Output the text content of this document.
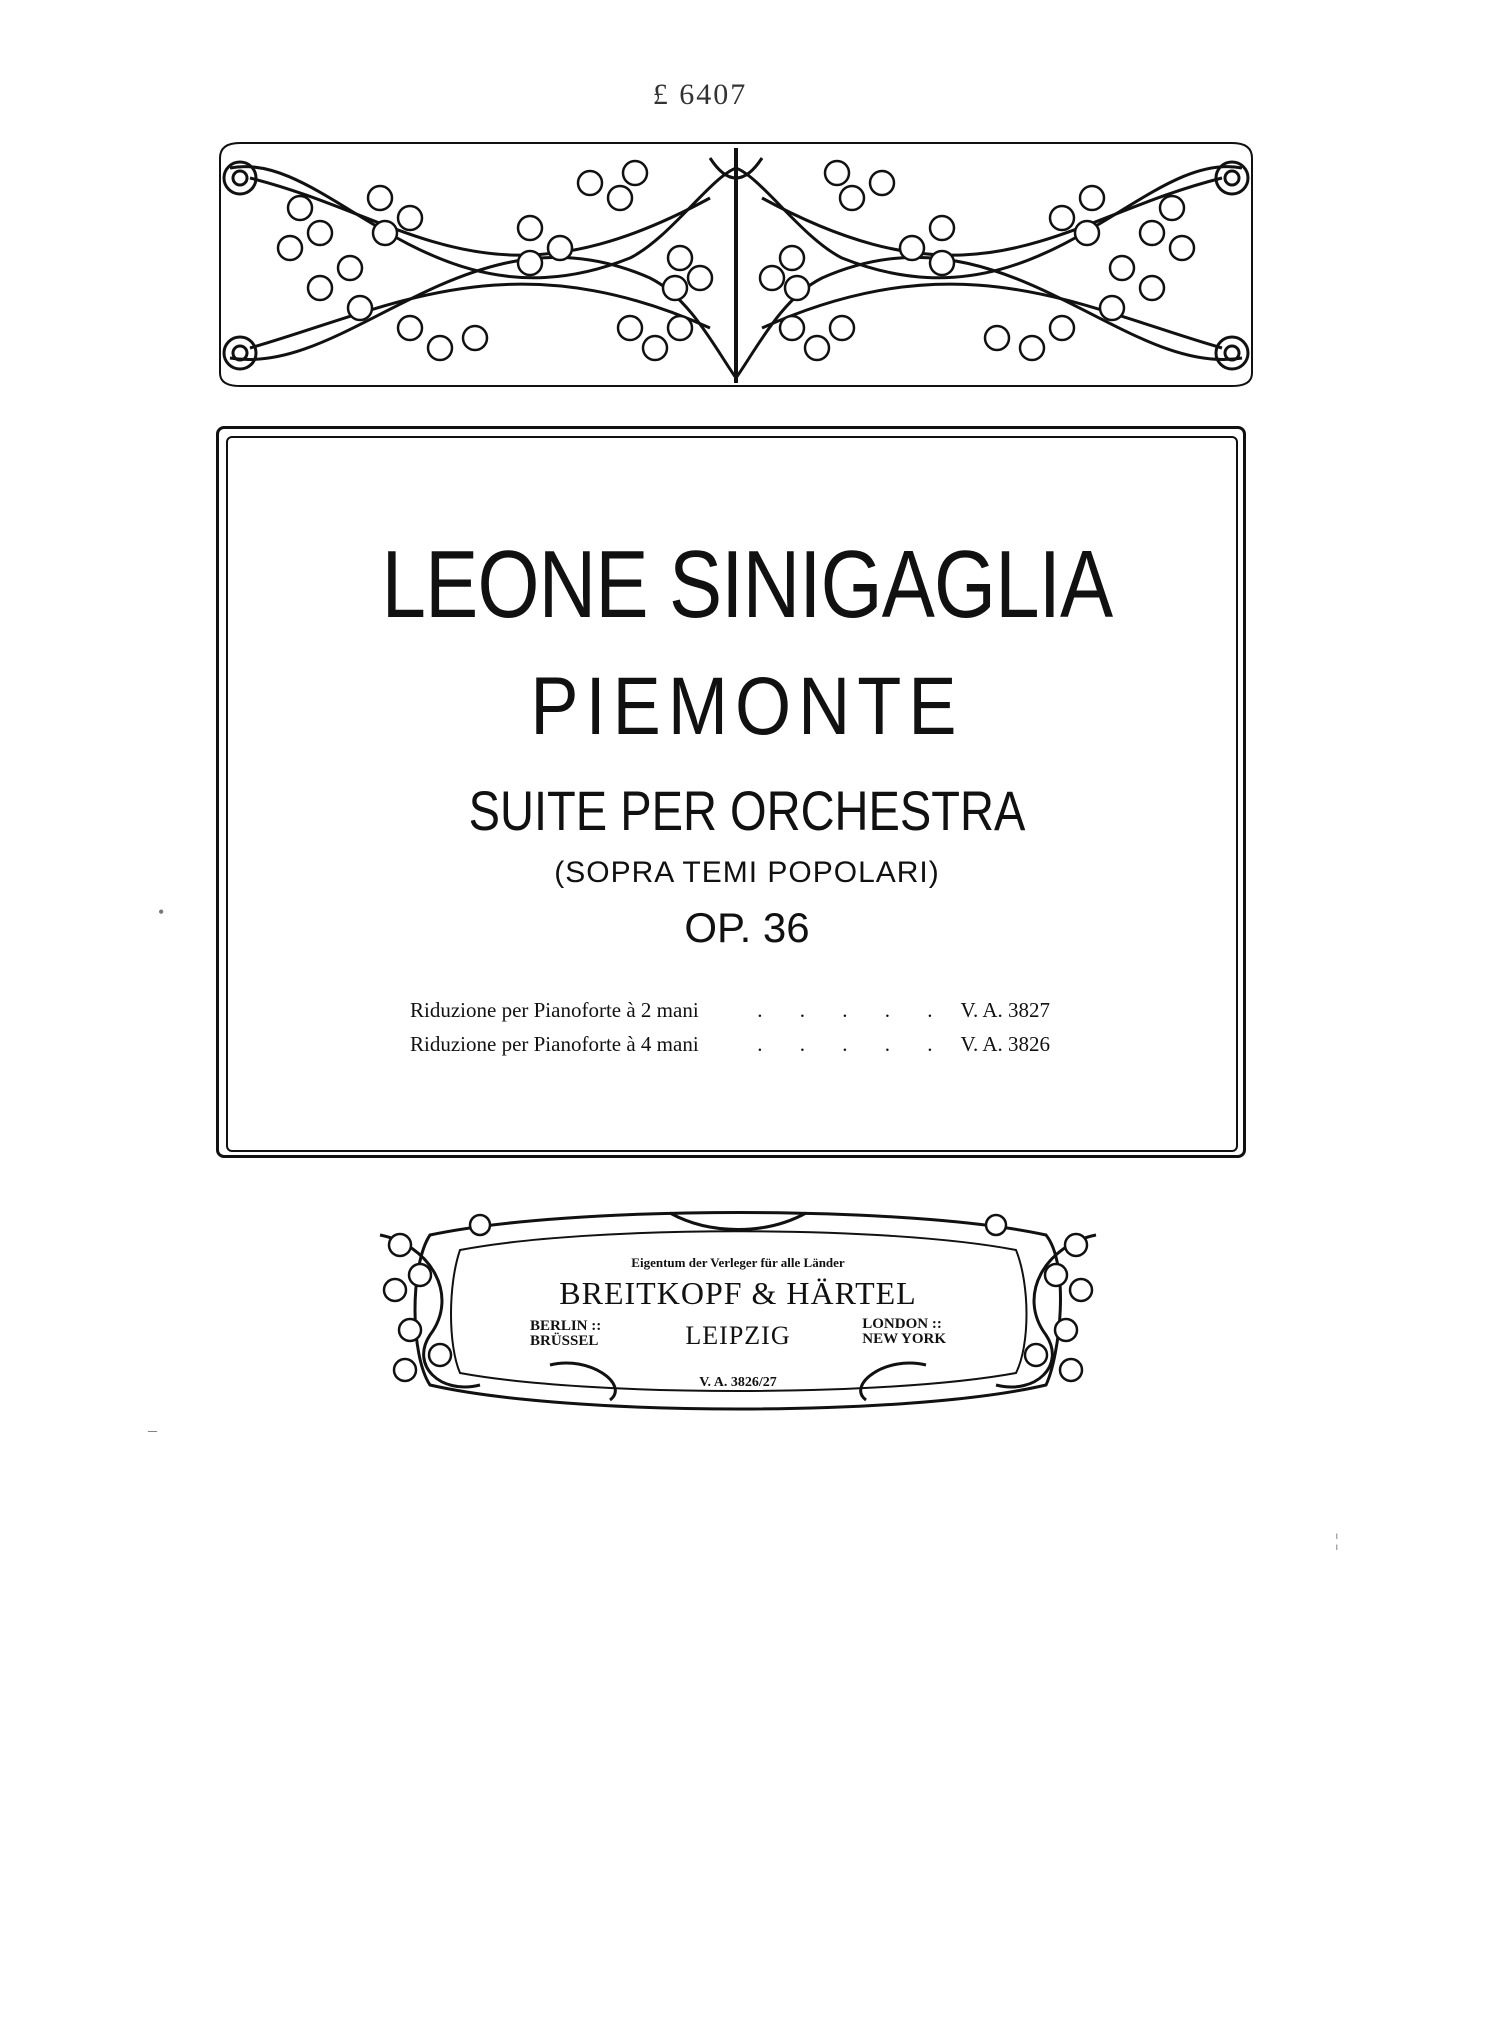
£ 6407
LEONE SINIGAGLIA
PIEMONTE
SUITE PER ORCHESTRA
(SOPRA TEMI POPOLARI)
OP. 36
Riduzione per Pianoforte à 2 mani	. . . . . V. A. 3827
Riduzione per Pianoforte à 4 mani	. . . . . V. A. 3826
Eigentum der Verleger für alle Länder
BREITKOPF & HÄRTEL
BERLIN ::
BRÜSSEL	LEIPZIG	LONDON ::
NEW YORK
V. A. 3826/27
•
–
¦
